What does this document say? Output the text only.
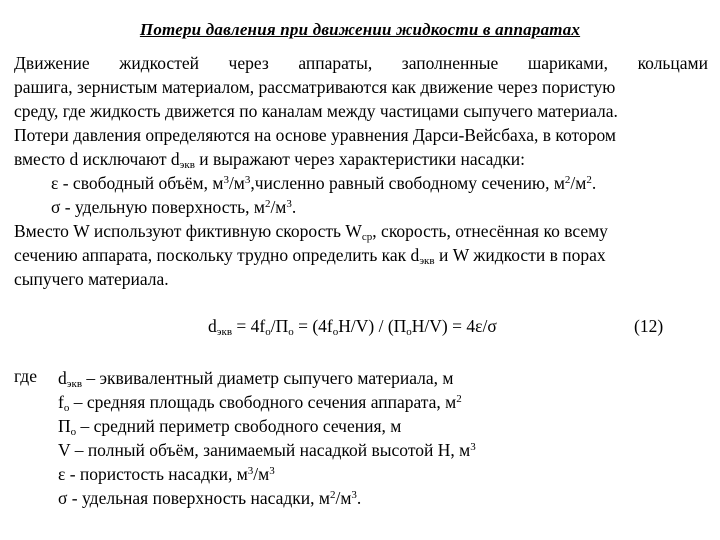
Потери давления при движении жидкости в аппаратах
Движение жидкостей через аппараты, заполненные шариками, кольцами
рашига, зернистым материалом, рассматриваются как движение через пористую
среду, где жидкость движется по каналам между частицами сыпучего материала.
Потери давления определяются на основе уравнения Дарси-Вейсбаха, в котором
вместо d исключают $d_{экв}$ и выражают через характеристики насадки:
ε - свободный объём, $м^3/м^3,численно$ равный свободному сечению, $м^2/м^2$.
σ - удельную поверхность, $м^2/м^3$.
Вместо W используют фиктивную скорость $W_{ср}$, скорость, отнесённая ко всему
сечению аппарата, поскольку трудно определить как $d_{экв}$ и W жидкости в порах
сыпучего материала.
$d_{экв} = 4f_о/П_о = (4f_оH/V) / (П_оH/V) = 4\varepsilon/\sigma$	(12)
где $d_{экв}$ – эквивалентный диаметр сыпучего материала, м
$f_о$ – средняя площадь свободного сечения аппарата, $м^2$
$П_о$ – средний периметр свободного сечения, м
V – полный объём, занимаемый насадкой высотой H, $м^3$
ε - пористость насадки, $м^3/м^3$
σ - удельная поверхность насадки, $м^2/м^3$.
